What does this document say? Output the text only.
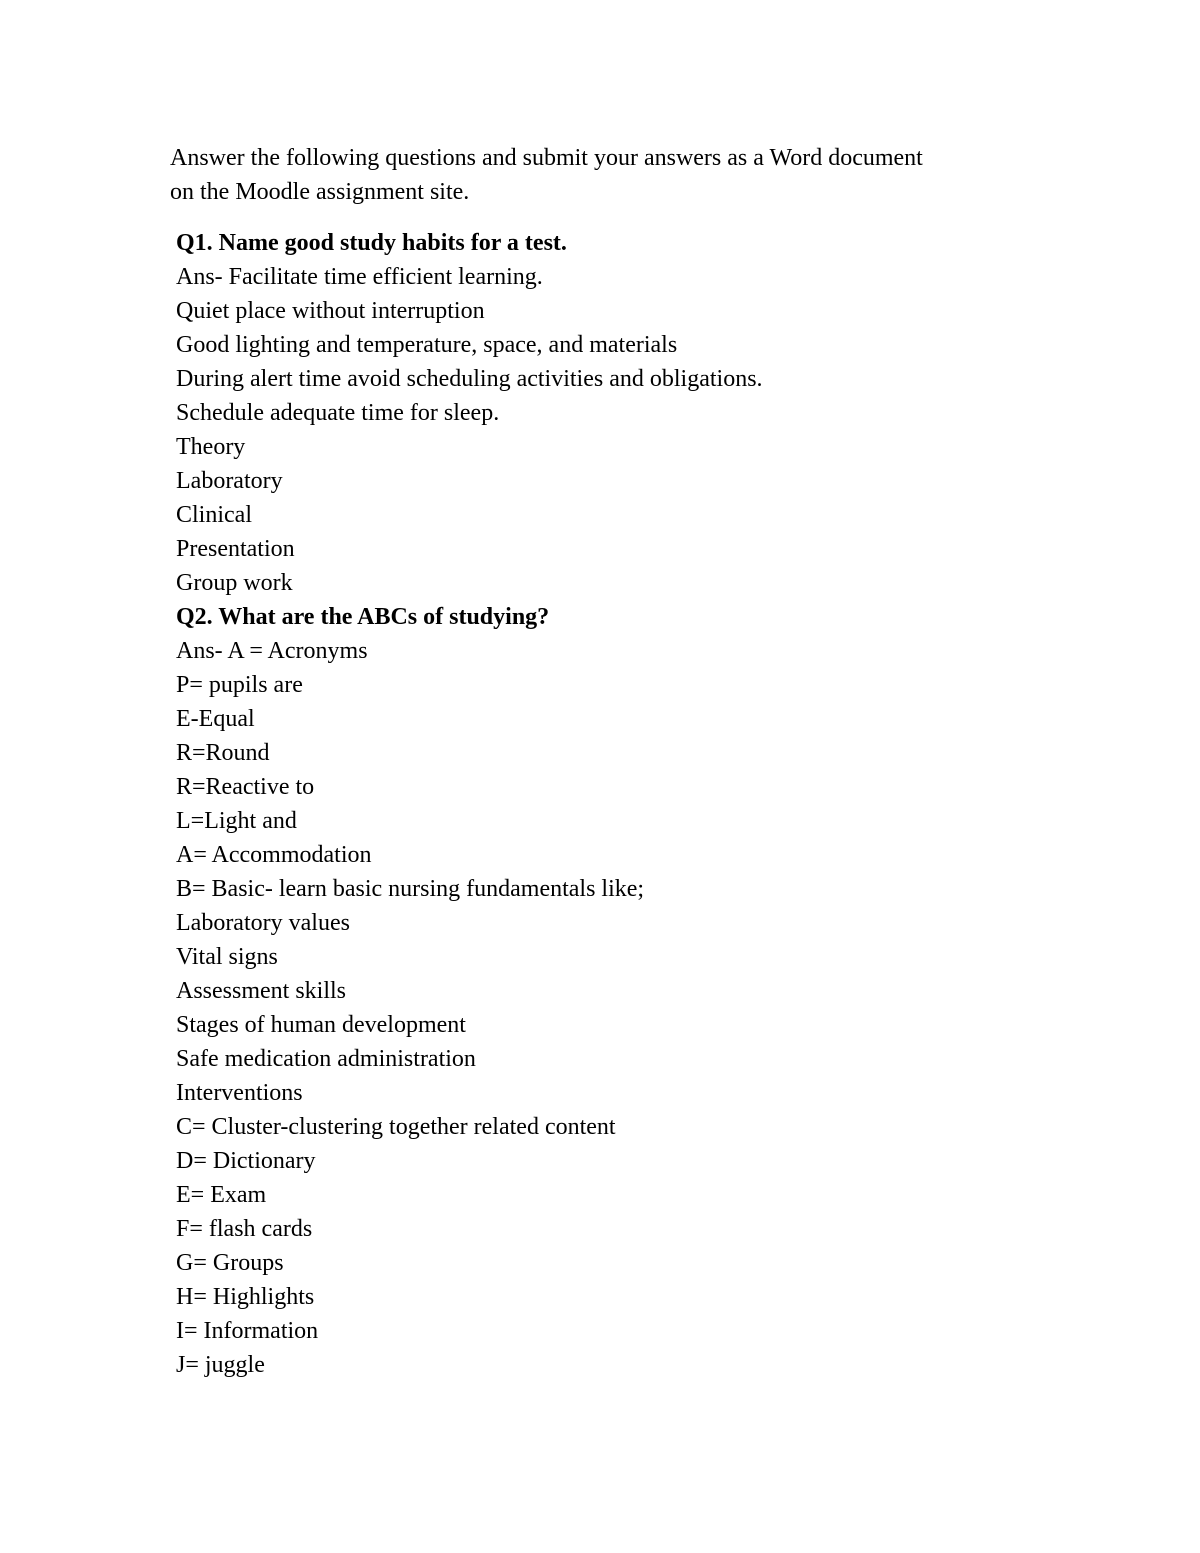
Answer the following questions and submit your answers as a Word document
on the Moodle assignment site.

Q1. Name good study habits for a test.
Ans- Facilitate time efficient learning.
Quiet place without interruption
Good lighting and temperature, space, and materials
During alert time avoid scheduling activities and obligations.
Schedule adequate time for sleep.
Theory
Laboratory
Clinical
Presentation
Group work
Q2. What are the ABCs of studying?
Ans- A = Acronyms
P= pupils are
E-Equal
R=Round
R=Reactive to
L=Light and
A= Accommodation
B= Basic- learn basic nursing fundamentals like;
Laboratory values
Vital signs
Assessment skills
Stages of human development
Safe medication administration
Interventions
C= Cluster-clustering together related content
D= Dictionary
E= Exam
F= flash cards
G= Groups
H= Highlights
I= Information
J= juggle
